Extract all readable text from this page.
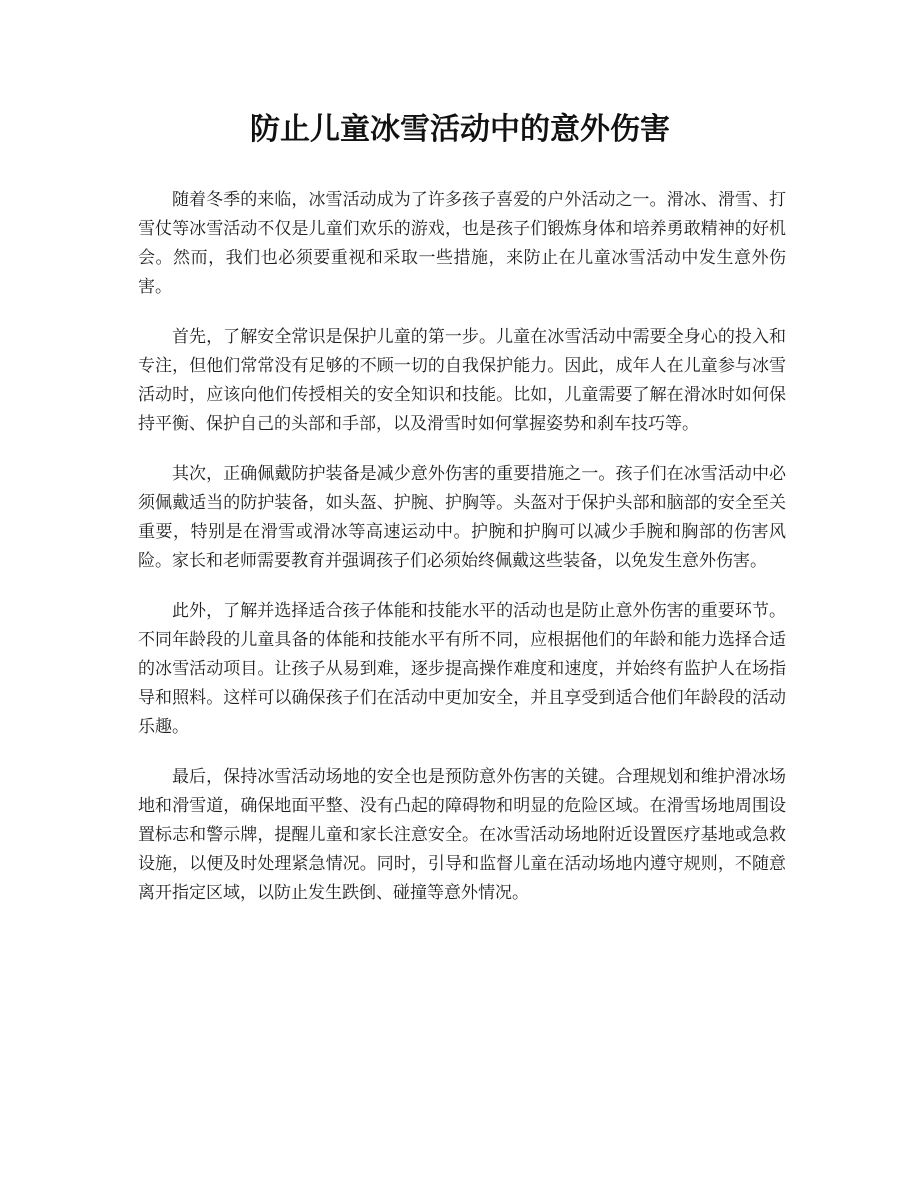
防止儿童冰雪活动中的意外伤害

随着冬季的来临，冰雪活动成为了许多孩子喜爱的户外活动之一。滑冰、滑雪、打雪仗等冰雪活动不仅是儿童们欢乐的游戏，也是孩子们锻炼身体和培养勇敢精神的好机会。然而，我们也必须要重视和采取一些措施，来防止在儿童冰雪活动中发生意外伤害。

首先，了解安全常识是保护儿童的第一步。儿童在冰雪活动中需要全身心的投入和专注，但他们常常没有足够的不顾一切的自我保护能力。因此，成年人在儿童参与冰雪活动时，应该向他们传授相关的安全知识和技能。比如，儿童需要了解在滑冰时如何保持平衡、保护自己的头部和手部，以及滑雪时如何掌握姿势和刹车技巧等。

其次，正确佩戴防护装备是减少意外伤害的重要措施之一。孩子们在冰雪活动中必须佩戴适当的防护装备，如头盔、护腕、护胸等。头盔对于保护头部和脑部的安全至关重要，特别是在滑雪或滑冰等高速运动中。护腕和护胸可以减少手腕和胸部的伤害风险。家长和老师需要教育并强调孩子们必须始终佩戴这些装备，以免发生意外伤害。

此外，了解并选择适合孩子体能和技能水平的活动也是防止意外伤害的重要环节。不同年龄段的儿童具备的体能和技能水平有所不同，应根据他们的年龄和能力选择合适的冰雪活动项目。让孩子从易到难，逐步提高操作难度和速度，并始终有监护人在场指导和照料。这样可以确保孩子们在活动中更加安全，并且享受到适合他们年龄段的活动乐趣。

最后，保持冰雪活动场地的安全也是预防意外伤害的关键。合理规划和维护滑冰场地和滑雪道，确保地面平整、没有凸起的障碍物和明显的危险区域。在滑雪场地周围设置标志和警示牌，提醒儿童和家长注意安全。在冰雪活动场地附近设置医疗基地或急救设施，以便及时处理紧急情况。同时，引导和监督儿童在活动场地内遵守规则，不随意离开指定区域，以防止发生跌倒、碰撞等意外情况。
